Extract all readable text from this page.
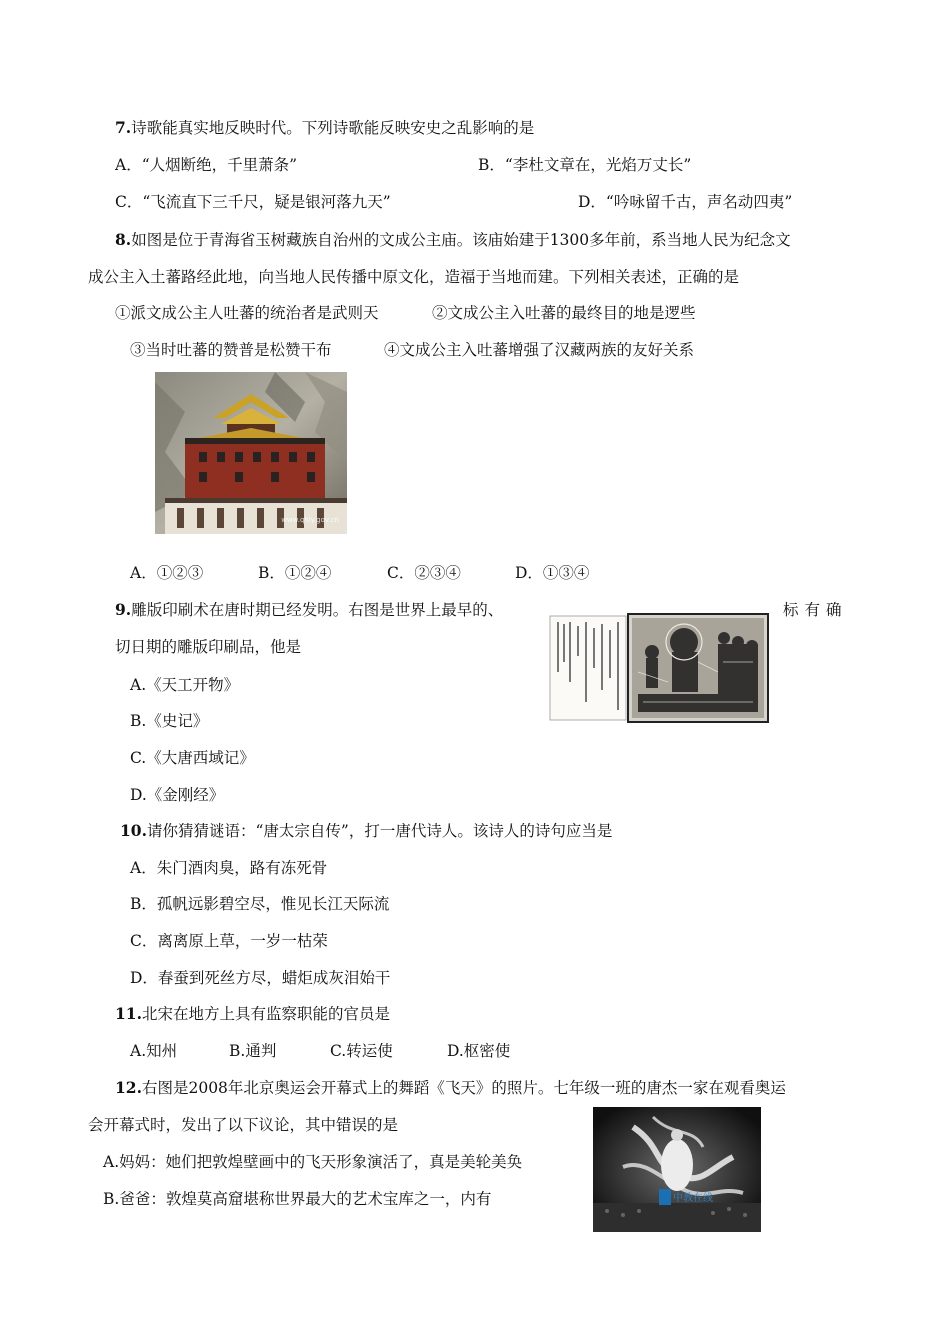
7.诗歌能真实地反映时代。下列诗歌能反映安史之乱影响的是
A．“人烟断绝，千里萧条”	B．“李杜文章在，光焰万丈长”
C．“飞流直下三千尺，疑是银河落九天”	D．“吟咏留千古，声名动四夷”
8.如图是位于青海省玉树藏族自治州的文成公主庙。该庙始建于1300多年前，系当地人民为纪念文
成公主入土蕃路经此地，向当地人民传播中原文化，造福于当地而建。下列相关表述，正确的是
①派文成公主人吐蕃的统治者是武则天	②文成公主入吐蕃的最终目的地是逻些
③当时吐蕃的赞普是松赞干布	④文成公主入吐蕃增强了汉藏两族的友好关系
www.qhly.gov.cn
A．①②③	B．①②④	C．②③④	D．①③④
9.雕版印刷术在唐时期已经发明。右图是世界上最早的、	标有确
切日期的雕版印刷品，他是
A.《天工开物》
B.《史记》
C.《大唐西域记》
D.《金刚经》
10.请你猜猜谜语：“唐太宗自传”，打一唐代诗人。该诗人的诗句应当是
A．朱门酒肉臭，路有冻死骨
B．孤帆远影碧空尽，惟见长江天际流
C．离离原上草，一岁一枯荣
D．春蚕到死丝方尽，蜡炬成灰泪始干
11.北宋在地方上具有监察职能的官员是
A.知州	B.通判	C.转运使	D.枢密使
12.右图是2008年北京奥运会开幕式上的舞蹈《飞天》的照片。七年级一班的唐杰一家在观看奥运
会开幕式时，发出了以下议论，其中错误的是
A.妈妈：她们把敦煌壁画中的飞天形象演活了，真是美轮美奂
B.爸爸：敦煌莫高窟堪称世界最大的艺术宝库之一，内有	中教在线
